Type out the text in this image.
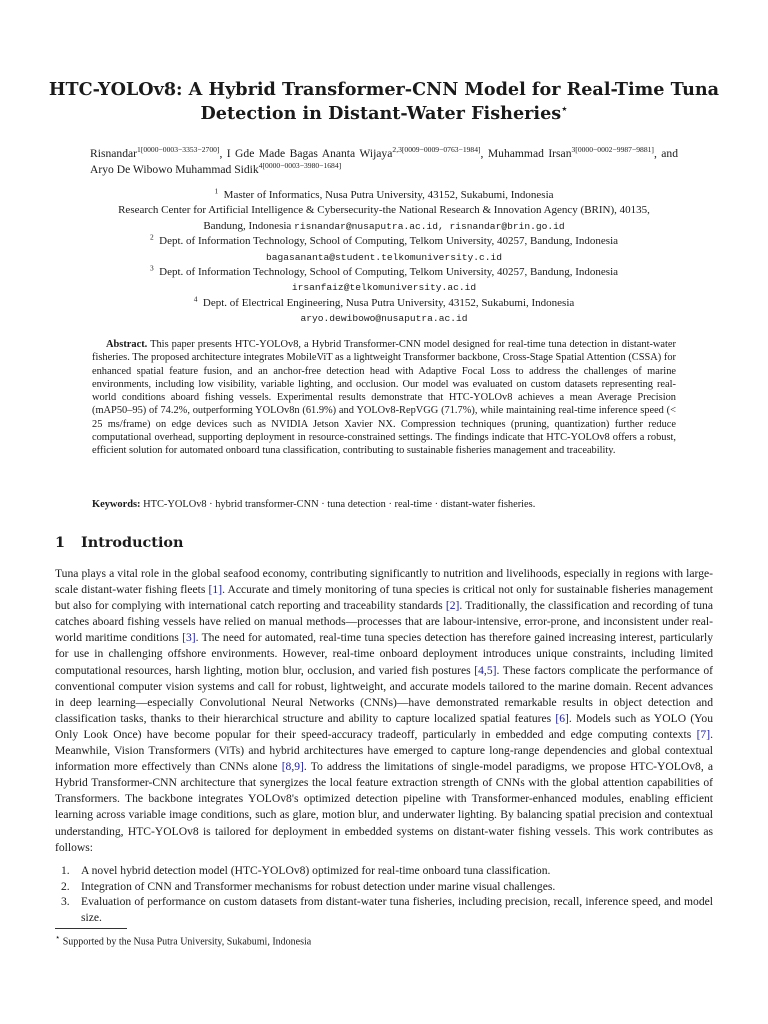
HTC-YOLOv8: A Hybrid Transformer-CNN Model for Real-Time Tuna
Detection in Distant-Water Fisheries⋆
Risnandar$^{1[0000-0003-3353-2700]}$, I Gde Made Bagas Ananta Wijaya$^{2,3[0009-0009-0763-1984]}$, Muhammad Irsan$^{3[0000-0002-9987-9881]}$, and Aryo De Wibowo Muhammad Sidik$^{4[0000-0003-3980-1684]}$
$^1$ Master of Informatics, Nusa Putra University, 43152, Sukabumi, Indonesia
Research Center for Artificial Intelligence & Cybersecurity-the National Research & Innovation Agency (BRIN), 40135,
Bandung, Indonesia risnandar@nusaputra.ac.id, risnandar@brin.go.id
$^2$ Dept. of Information Technology, School of Computing, Telkom University, 40257, Bandung, Indonesia
bagasananta@student.telkomuniversity.c.id
$^3$ Dept. of Information Technology, School of Computing, Telkom University, 40257, Bandung, Indonesia
irsanfaiz@telkomuniversity.ac.id
$^4$ Dept. of Electrical Engineering, Nusa Putra University, 43152, Sukabumi, Indonesia
aryo.dewibowo@nusaputra.ac.id
Abstract. This paper presents HTC-YOLOv8, a Hybrid Transformer-CNN model designed for real-time tuna detection in distant-water fisheries. The proposed architecture integrates MobileViT as a lightweight Transformer backbone, Cross-Stage Spatial Attention (CSSA) for enhanced spatial feature fusion, and an anchor-free detection head with Adaptive Focal Loss to address the challenges of marine environments, including low visibility, variable lighting, and occlusion. Our model was evaluated on custom datasets representing real-world conditions aboard fishing vessels. Experimental results demonstrate that HTC-YOLOv8 achieves a mean Average Precision (mAP50–95) of 74.2%, outperforming YOLOv8n (61.9%) and YOLOv8-RepVGG (71.7%), while maintaining real-time inference speed (< 25 ms/frame) on edge devices such as NVIDIA Jetson Xavier NX. Compression techniques (pruning, quantization) further reduce computational overhead, supporting deployment in resource-constrained settings. The findings indicate that HTC-YOLOv8 offers a robust, efficient solution for automated onboard tuna classification, contributing to sustainable fisheries management and traceability.
Keywords: HTC-YOLOv8 · hybrid transformer-CNN · tuna detection · real-time · distant-water fisheries.
1 Introduction
Tuna plays a vital role in the global seafood economy, contributing significantly to nutrition and livelihoods, especially in regions with large-scale distant-water fishing fleets [1]. Accurate and timely monitoring of tuna species is critical not only for sustainable fisheries management but also for complying with international catch reporting and traceability standards [2]. Traditionally, the classification and recording of tuna catches aboard fishing vessels have relied on manual methods—processes that are labour-intensive, error-prone, and inconsistent under real-world maritime conditions [3]. The need for automated, real-time tuna species detection has therefore gained increasing interest, particularly for use in challenging offshore environments. However, real-time onboard deployment introduces unique constraints, including limited computational resources, harsh lighting, motion blur, occlusion, and varied fish postures [4,5]. These factors complicate the performance of conventional computer vision systems and call for robust, lightweight, and accurate models tailored to the marine domain. Recent advances in deep learning—especially Convolutional Neural Networks (CNNs)—have demonstrated remarkable results in object detection and classification tasks, thanks to their hierarchical structure and ability to capture localized spatial features [6]. Models such as YOLO (You Only Look Once) have become popular for their speed-accuracy tradeoff, particularly in embedded and edge computing contexts [7]. Meanwhile, Vision Transformers (ViTs) and hybrid architectures have emerged to capture long-range dependencies and global contextual information more effectively than CNNs alone [8,9]. To address the limitations of single-model paradigms, we propose HTC-YOLOv8, a Hybrid Transformer-CNN architecture that synergizes the local feature extraction strength of CNNs with the global attention capabilities of Transformers. The backbone integrates YOLOv8's optimized detection pipeline with Transformer-enhanced modules, enabling efficient learning across variable image conditions, such as glare, motion blur, and underwater lighting. By balancing spatial precision and contextual understanding, HTC-YOLOv8 is tailored for deployment in embedded systems on distant-water fishing vessels. This work contributes as follows:
1. A novel hybrid detection model (HTC-YOLOv8) optimized for real-time onboard tuna classification.
2. Integration of CNN and Transformer mechanisms for robust detection under marine visual challenges.
3. Evaluation of performance on custom datasets from distant-water tuna fisheries, including precision, recall, inference speed, and model size.
⋆ Supported by the Nusa Putra University, Sukabumi, Indonesia
